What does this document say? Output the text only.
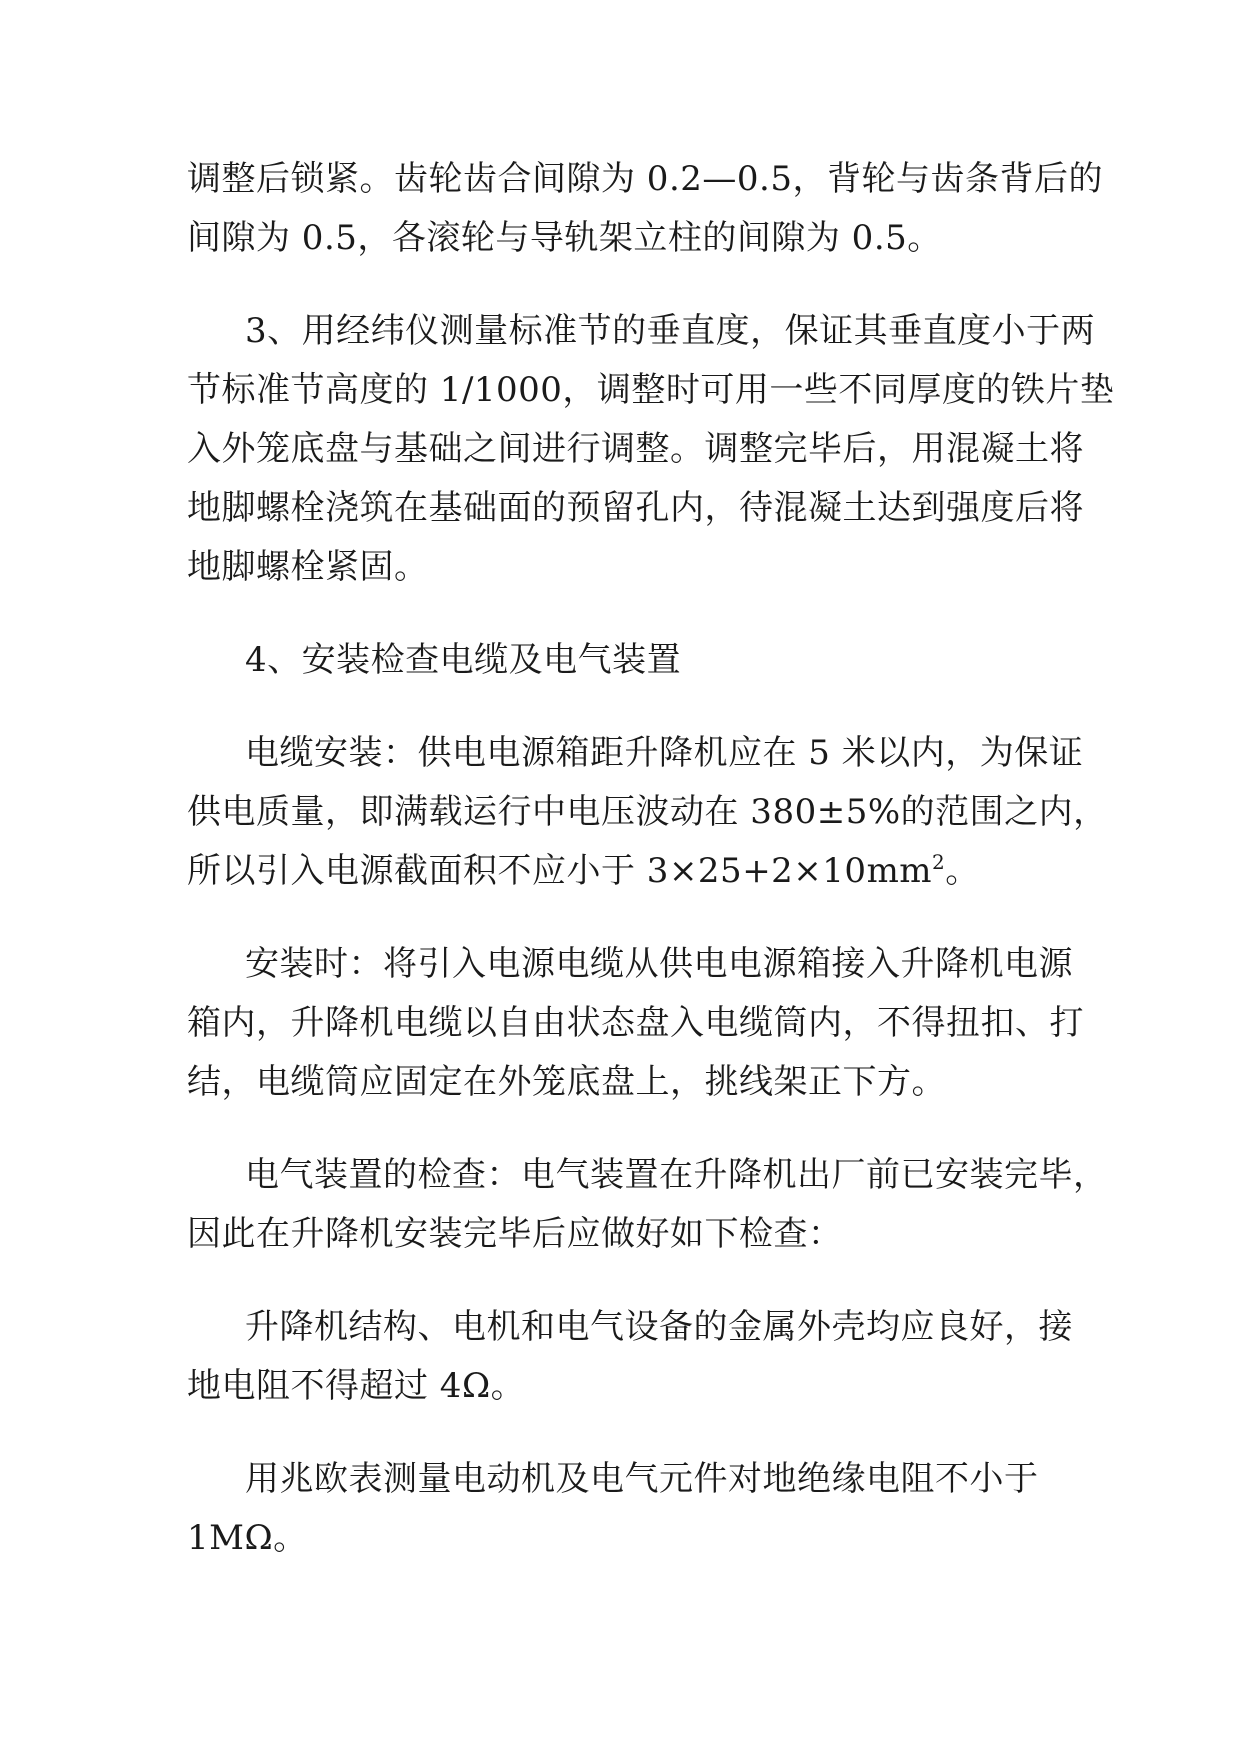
调整后锁紧。齿轮齿合间隙为 0.2—0.5，背轮与齿条背后的
间隙为 0.5，各滚轮与导轨架立柱的间隙为 0.5。

3、用经纬仪测量标准节的垂直度，保证其垂直度小于两
节标准节高度的 1/1000，调整时可用一些不同厚度的铁片垫
入外笼底盘与基础之间进行调整。调整完毕后，用混凝土将
地脚螺栓浇筑在基础面的预留孔内，待混凝土达到强度后将
地脚螺栓紧固。

4、安装检查电缆及电气装置

电缆安装：供电电源箱距升降机应在 5 米以内，为保证
供电质量，即满载运行中电压波动在 380±5%的范围之内，
所以引入电源截面积不应小于 $3\times 25+2\times 10mm^2$。

安装时：将引入电源电缆从供电电源箱接入升降机电源
箱内，升降机电缆以自由状态盘入电缆筒内，不得扭扣、打
结，电缆筒应固定在外笼底盘上，挑线架正下方。

电气装置的检查：电气装置在升降机出厂前已安装完毕，
因此在升降机安装完毕后应做好如下检查：

升降机结构、电机和电气设备的金属外壳均应良好，接
地电阻不得超过 4Ω。

用兆欧表测量电动机及电气元件对地绝缘电阻不小于
1MΩ。
